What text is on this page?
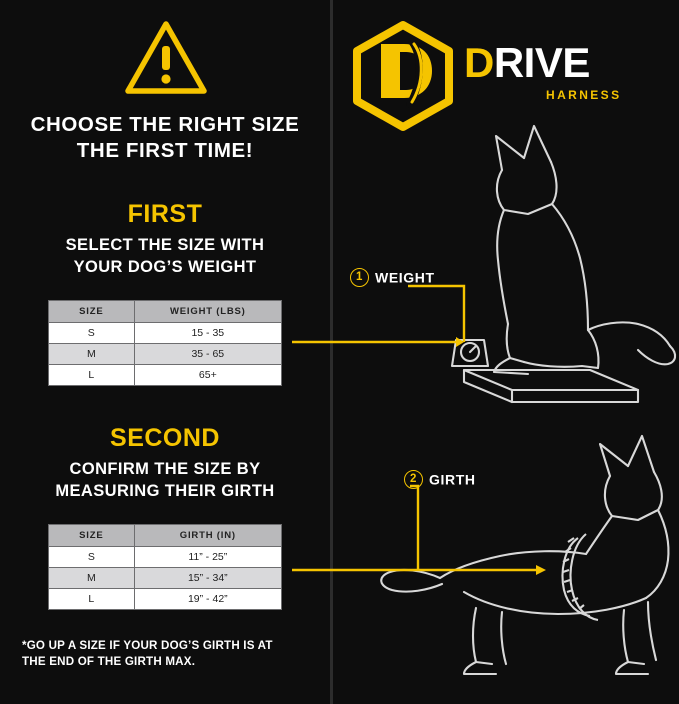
CHOOSE THE RIGHT SIZE
THE FIRST TIME!
FIRST
SELECT THE SIZE WITH
YOUR DOG’S WEIGHT
SIZE	WEIGHT (LBS)
S	15 - 35
M	35 - 65
L	65+
SECOND
CONFIRM THE SIZE BY
MEASURING THEIR GIRTH
SIZE	GIRTH (IN)
S	11” - 25”
M	15” - 34”
L	19” - 42”
*GO UP A SIZE IF YOUR DOG’S GIRTH IS AT
THE END OF THE GIRTH MAX.
DRIVE
HARNESS
1 WEIGHT
2 GIRTH
